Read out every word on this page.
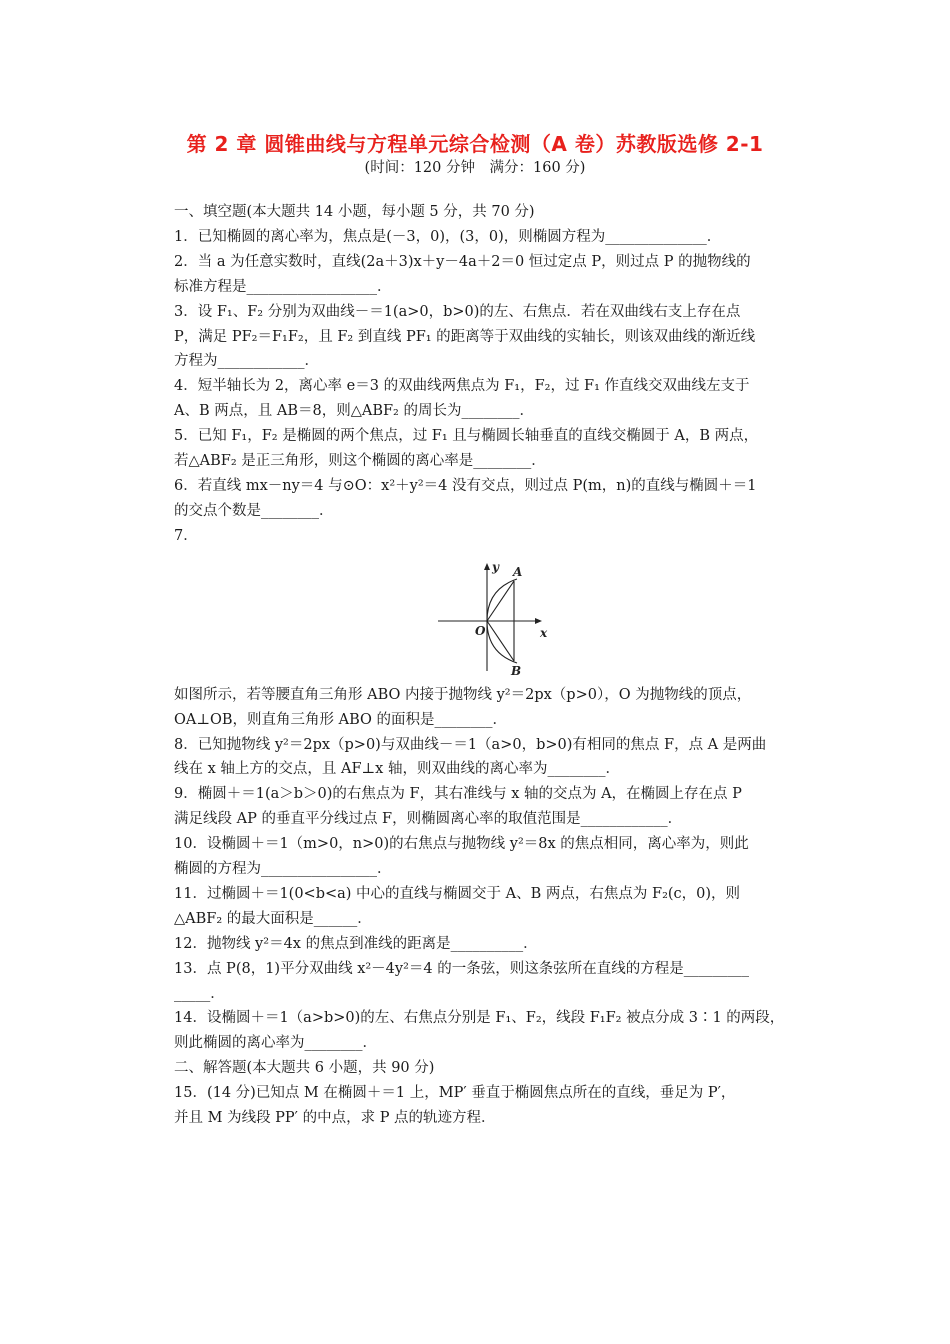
第 2 章 圆锥曲线与方程单元综合检测（A 卷）苏教版选修 2-1
(时间：120 分钟　满分：160 分)

一、填空题(本大题共 14 小题，每小题 5 分，共 70 分)

1．已知椭圆的离心率为，焦点是(－3，0)，(3，0)，则椭圆方程为______________．

2．当 a 为任意实数时，直线(2a＋3)x＋y－4a＋2＝0 恒过定点 P，则过点 P 的抛物线的

标准方程是__________________．

3．设 F₁、F₂ 分别为双曲线－＝1(a>0，b>0)的左、右焦点．若在双曲线右支上存在点

P，满足 PF₂＝F₁F₂，且 F₂ 到直线 PF₁ 的距离等于双曲线的实轴长，则该双曲线的渐近线

方程为____________．

4．短半轴长为 2，离心率 e＝3 的双曲线两焦点为 F₁，F₂，过 F₁ 作直线交双曲线左支于

A、B 两点，且 AB＝8，则△ABF₂ 的周长为________．

5．已知 F₁，F₂ 是椭圆的两个焦点，过 F₁ 且与椭圆长轴垂直的直线交椭圆于 A，B 两点，

若△ABF₂ 是正三角形，则这个椭圆的离心率是________．

6．若直线 mx－ny＝4 与⊙O：x²＋y²＝4 没有交点，则过点 P(m，n)的直线与椭圆＋＝1

的交点个数是________．

7．

y
x
O
A
B

如图所示，若等腰直角三角形 ABO 内接于抛物线 y²＝2px（p>0），O 为抛物线的顶点，

OA⊥OB，则直角三角形 ABO 的面积是________．

8．已知抛物线 y²＝2px（p>0)与双曲线－＝1（a>0，b>0)有相同的焦点 F，点 A 是两曲

线在 x 轴上方的交点，且 AF⊥x 轴，则双曲线的离心率为________．

9．椭圆＋＝1(a＞b＞0)的右焦点为 F，其右准线与 x 轴的交点为 A，在椭圆上存在点 P

满足线段 AP 的垂直平分线过点 F，则椭圆离心率的取值范围是____________．

10．设椭圆＋＝1（m>0，n>0)的右焦点与抛物线 y²＝8x 的焦点相同，离心率为，则此

椭圆的方程为________________．

11．过椭圆＋＝1(0<b<a) 中心的直线与椭圆交于 A、B 两点，右焦点为 F₂(c，0)，则

△ABF₂ 的最大面积是______．

12．抛物线 y²＝4x 的焦点到准线的距离是__________．

13．点 P(8，1)平分双曲线 x²－4y²＝4 的一条弦，则这条弦所在直线的方程是_________

_____．

14．设椭圆＋＝1（a>b>0)的左、右焦点分别是 F₁、F₂，线段 F₁F₂ 被点分成 3∶1 的两段，

则此椭圆的离心率为________．

二、解答题(本大题共 6 小题，共 90 分)

15．(14 分)已知点 M 在椭圆＋＝1 上，MP′ 垂直于椭圆焦点所在的直线，垂足为 P′，

并且 M 为线段 PP′ 的中点，求 P 点的轨迹方程．
